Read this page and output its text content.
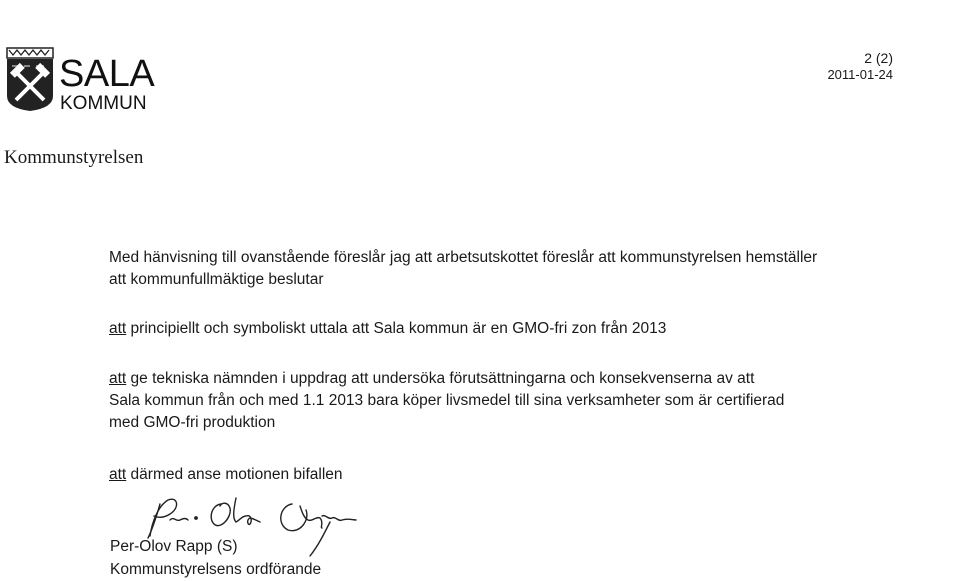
SALA
KOMMUN
2 (2)
2011-01-24
Kommunstyrelsen
Med hänvisning till ovanstående föreslår jag att arbetsutskottet föreslår att kommunstyrelsen hemställer
att kommunfullmäktige beslutar
att principiellt och symboliskt uttala att Sala kommun är en GMO-fri zon från 2013
att ge tekniska nämnden i uppdrag att undersöka förutsättningarna och konsekvenserna av att
Sala kommun från och med 1.1 2013 bara köper livsmedel till sina verksamheter som är certifierad
med GMO-fri produktion
att därmed anse motionen bifallen
Per-Olov Rapp (S)
Kommunstyrelsens ordförande
